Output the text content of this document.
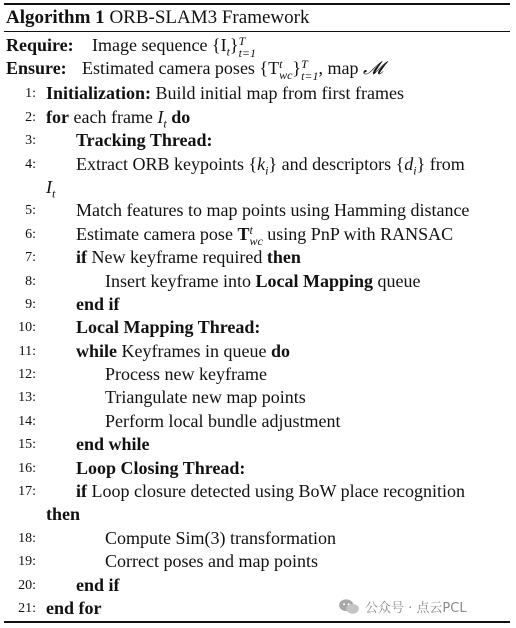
Algorithm 1 ORB-SLAM3 Framework
Require: Image sequence $\{I_t\}$ T
t=1
Ensure: Estimated camera poses {T t
wc } T
t=1 , map 𝓜
1: Initialization: Build initial map from first frames
2: for each frame $I_t$ do
3: Tracking Thread:
4: Extract ORB keypoints $\{k_i\}$ and descriptors $\{d_i\}$ from
$I_t$
5: Match features to map points using Hamming distance
6: Estimate camera pose T t
wc using PnP with RANSAC
7: if New keyframe required then
8:	Insert keyframe into Local Mapping queue
9: end if
10: Local Mapping Thread:
11: while Keyframes in queue do
12:	Process new keyframe
13:	Triangulate new map points
14:	Perform local bundle adjustment
15: end while
16: Loop Closing Thread:
17: if Loop closure detected using BoW place recognition
then
18:	Compute Sim(3) transformation
19:	Correct poses and map points
20: end if
21: end for	公众号 · 点云PCL
